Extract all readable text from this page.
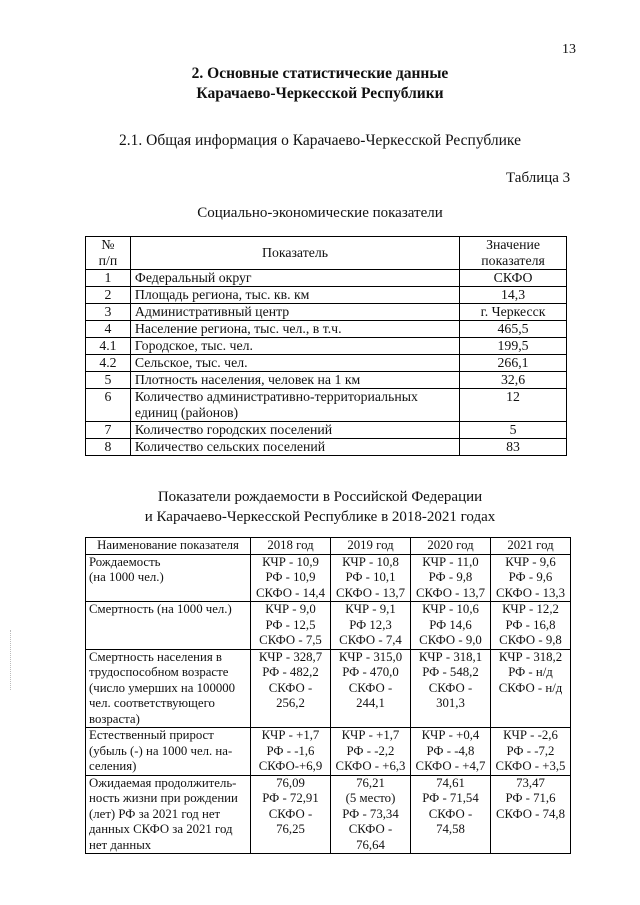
13
2. Основные статистические данные
Карачаево-Черкесской Республики
2.1. Общая информация о Карачаево-Черкесской Республике
Таблица 3
Социально-экономические показатели
№
п/п	Показатель	Значение
показателя

1	Федеральный округ	СКФО
2	Площадь региона, тыс. кв. км	14,3
3	Административный центр	г. Черкесск
4	Население региона, тыс. чел., в т.ч.	465,5
4.1	Городское, тыс. чел.	199,5
4.2	Сельское, тыс. чел.	266,1
5	Плотность населения, человек на 1 км	32,6
6	Количество административно-территориальных единиц (районов)	12
7	Количество городских поселений	5
8	Количество сельских поселений	83
Показатели рождаемости в Российской Федерации
и Карачаево-Черкесской Республике в 2018-2021 годах
Наименование показателя	2018 год	2019 год	2020 год	2021 год

Рождаемость
(на 1000 чел.)	КЧР - 10,9
РФ - 10,9
СКФО - 14,4	КЧР - 10,8
РФ - 10,1
СКФО - 13,7	КЧР - 11,0
РФ - 9,8
СКФО - 13,7	КЧР - 9,6
РФ - 9,6
СКФО - 13,3

Смертность (на 1000 чел.)	КЧР - 9,0
РФ - 12,5
СКФО - 7,5	КЧР - 9,1
РФ 12,3
СКФО - 7,4	КЧР - 10,6
РФ 14,6
СКФО - 9,0	КЧР - 12,2
РФ - 16,8
СКФО - 9,8

Смертность населения в
трудоспособном возрасте
(число умерших на 100000
чел. соответствующего
возраста)	КЧР - 328,7
РФ - 482,2
СКФО -
256,2	КЧР - 315,0
РФ - 470,0
СКФО -
244,1	КЧР - 318,1
РФ - 548,2
СКФО -
301,3	КЧР - 318,2
РФ - н/д
СКФО - н/д

Естественный прирост
(убыль (-) на 1000 чел. на-
селения)	КЧР - +1,7
РФ - -1,6
СКФО-+6,9	КЧР - +1,7
РФ - -2,2
СКФО - +6,3	КЧР - +0,4
РФ - -4,8
СКФО - +4,7	КЧР - -2,6
РФ - -7,2
СКФО - +3,5

Ожидаемая продолжитель-
ность жизни при рождении
(лет) РФ за 2021 год нет
данных СКФО за 2021 год
нет данных	76,09
РФ - 72,91
СКФО -
76,25	76,21
(5 место)
РФ - 73,34
СКФО -
76,64	74,61
РФ - 71,54
СКФО -
74,58	73,47
РФ - 71,6
СКФО - 74,8
